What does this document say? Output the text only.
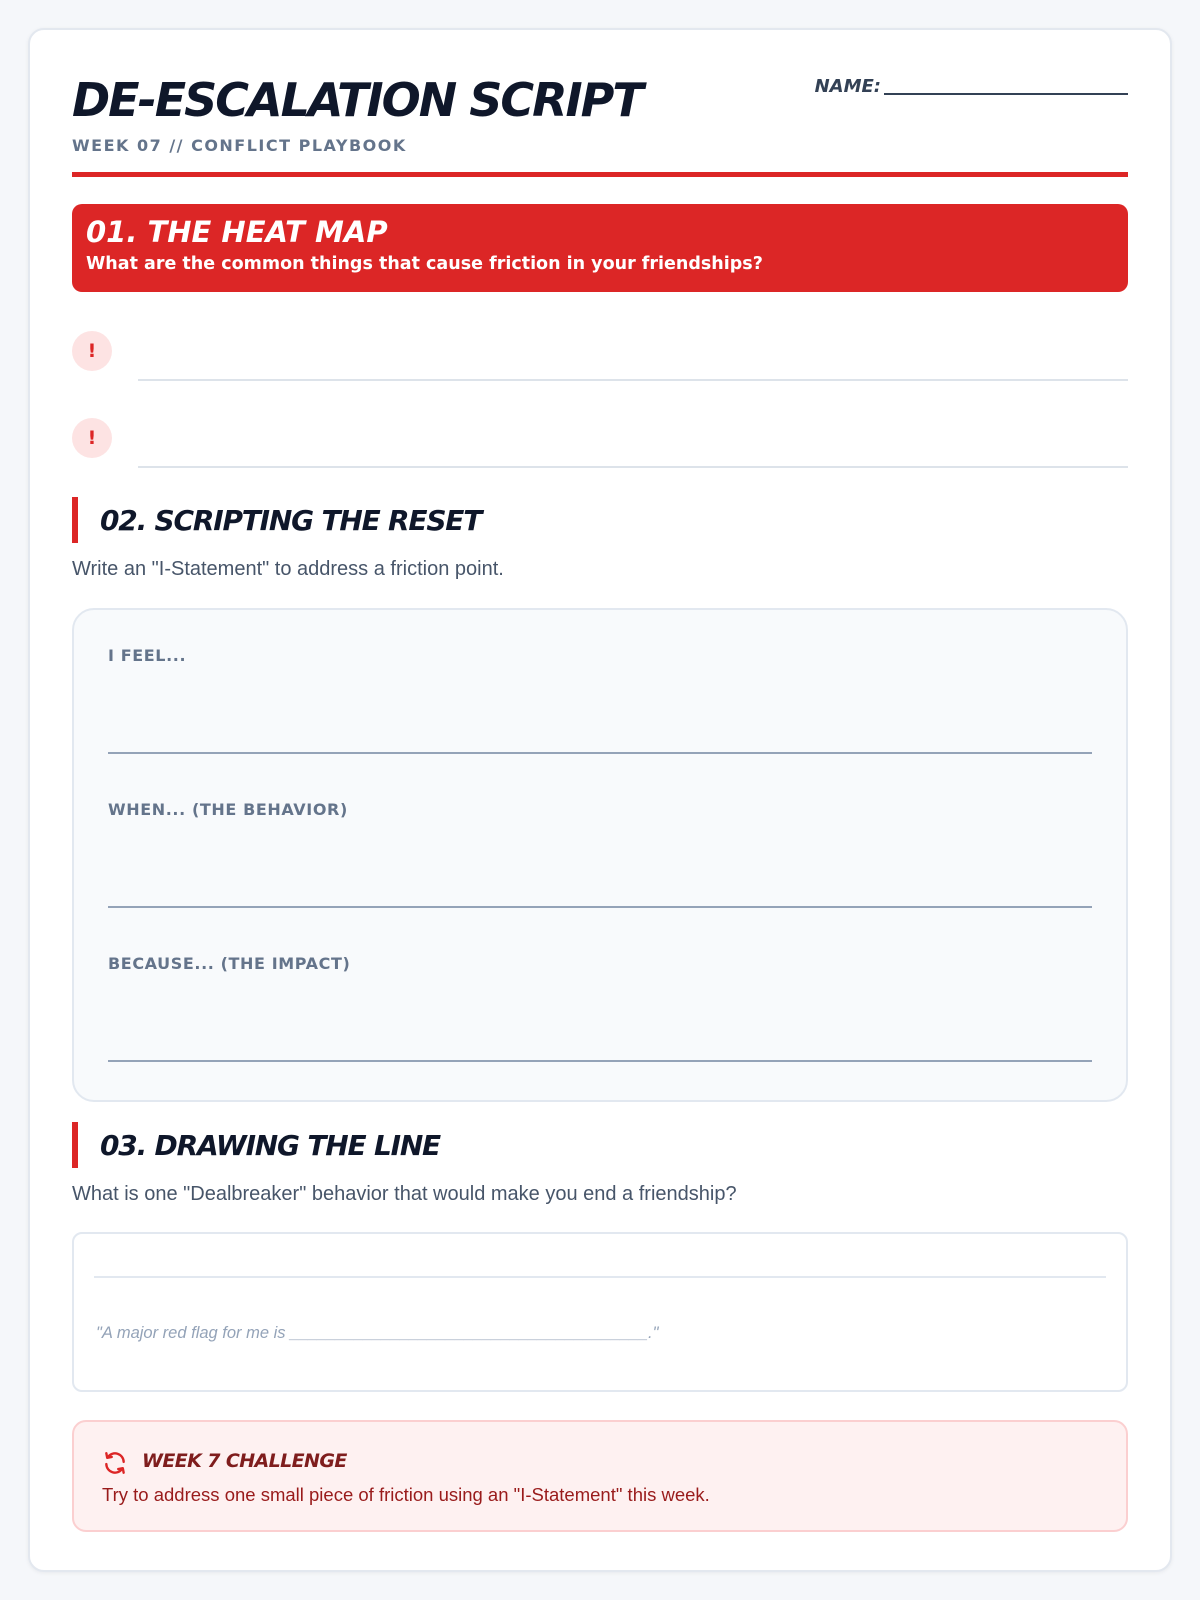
DE-ESCALATION SCRIPT
WEEK 07 // CONFLICT PLAYBOOK
NAME:
01. THE HEAT MAP
What are the common things that cause friction in your friendships?
!
!
02. SCRIPTING THE RESET
Write an "I-Statement" to address a friction point.
I FEEL...
WHEN... (THE BEHAVIOR)
BECAUSE... (THE IMPACT)
03. DRAWING THE LINE
What is one "Dealbreaker" behavior that would make you end a friendship?
"A major red flag for me is _______________________________________."
WEEK 7 CHALLENGE
Try to address one small piece of friction using an "I-Statement" this week.
